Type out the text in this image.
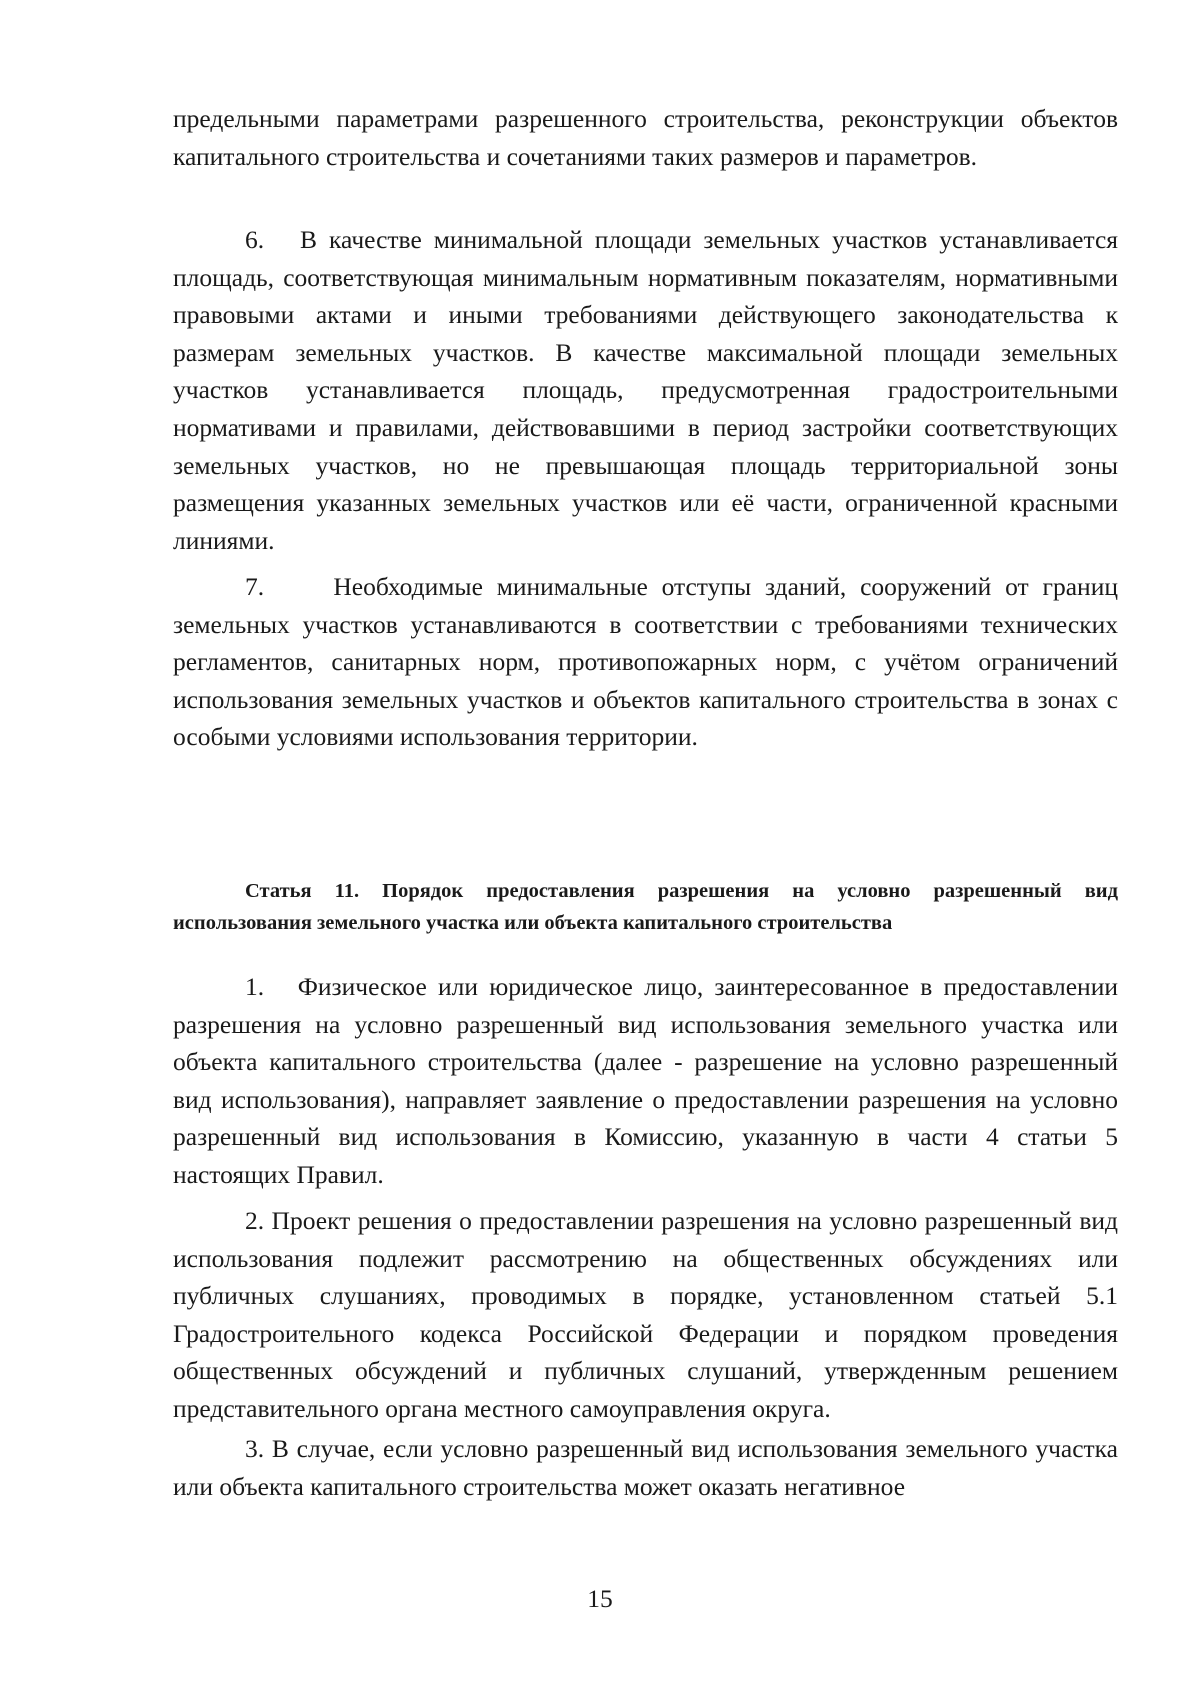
предельными параметрами разрешенного строительства, реконструкции объектов капитального строительства и сочетаниями таких размеров и параметров.

6.   В качестве минимальной площади земельных участков устанавливается площадь, соответствующая минимальным нормативным показателям, нормативными правовыми актами и иными требованиями действующего законодательства к размерам земельных участков. В качестве максимальной площади земельных участков устанавливается площадь, предусмотренная градостроительными нормативами и правилами, действовавшими в период застройки соответствующих земельных участков, но не превышающая площадь территориальной зоны размещения указанных земельных участков или её части, ограниченной красными линиями.

7.     Необходимые минимальные отступы зданий, сооружений от границ земельных участков устанавливаются в соответствии с требованиями технических регламентов, санитарных норм, противопожарных норм, с учётом ограничений использования земельных участков и объектов капитального строительства в зонах с особыми условиями использования территории.

Статья 11. Порядок предоставления разрешения на условно разрешенный вид использования земельного участка или объекта капитального строительства

1.   Физическое или юридическое лицо, заинтересованное в предоставлении разрешения на условно разрешенный вид использования земельного участка или объекта капитального строительства (далее - разрешение на условно разрешенный вид использования), направляет заявление о предоставлении разрешения на условно разрешенный вид использования в Комиссию, указанную в части 4 статьи 5 настоящих Правил.

2. Проект решения о предоставлении разрешения на условно разрешенный вид использования подлежит рассмотрению на общественных обсуждениях или публичных слушаниях, проводимых в порядке, установленном статьей 5.1 Градостроительного кодекса Российской Федерации и порядком проведения общественных обсуждений и публичных слушаний, утвержденным решением представительного органа местного самоуправления округа.

3. В случае, если условно разрешенный вид использования земельного участка или объекта капитального строительства может оказать негативное

15
